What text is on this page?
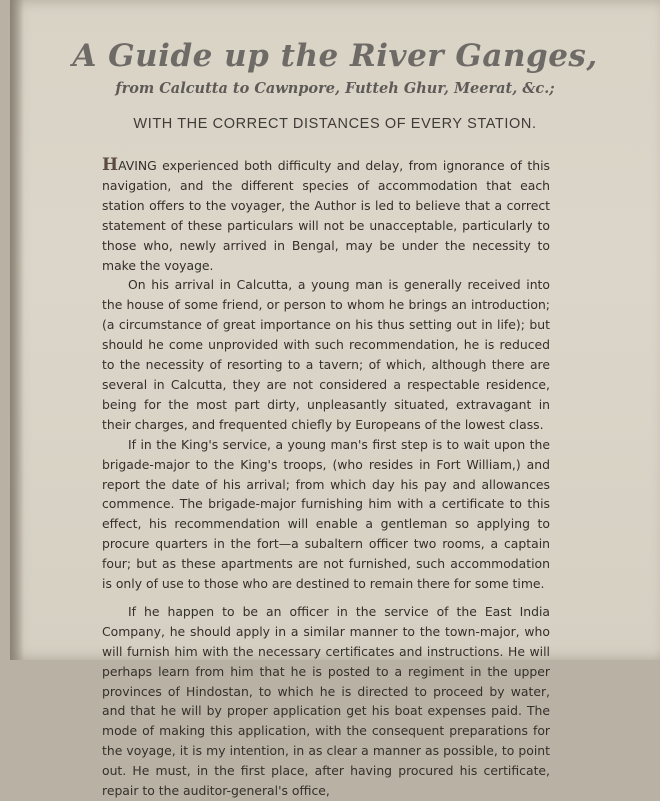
A Guide up the River Ganges,
from Calcutta to Cawnpore, Futteh Ghur, Meerat, &c.;
WITH THE CORRECT DISTANCES OF EVERY STATION.

HAVING experienced both difficulty and delay, from ignorance of this navigation, and the different species of accommodation that each station offers to the voyager, the Author is led to believe that a correct statement of these particulars will not be unacceptable, particularly to those who, newly arrived in Bengal, may be under the necessity to make the voyage.

On his arrival in Calcutta, a young man is generally received into the house of some friend, or person to whom he brings an introduction; (a circumstance of great importance on his thus setting out in life); but should he come unprovided with such recommendation, he is reduced to the necessity of resorting to a tavern; of which, although there are several in Calcutta, they are not considered a respectable residence, being for the most part dirty, unpleasantly situated, extravagant in their charges, and frequented chiefly by Europeans of the lowest class.

If in the King's service, a young man's first step is to wait upon the brigade-major to the King's troops, (who resides in Fort William,) and report the date of his arrival; from which day his pay and allowances commence. The brigade-major furnishing him with a certificate to this effect, his recommendation will enable a gentleman so applying to procure quarters in the fort—a subaltern officer two rooms, a captain four; but as these apartments are not furnished, such accommodation is only of use to those who are destined to remain there for some time.

If he happen to be an officer in the service of the East India Company, he should apply in a similar manner to the town-major, who will furnish him with the necessary certificates and instructions. He will perhaps learn from him that he is posted to a regiment in the upper provinces of Hindostan, to which he is directed to proceed by water, and that he will by proper application get his boat expenses paid. The mode of making this application, with the consequent preparations for the voyage, it is my intention, in as clear a manner as possible, to point out. He must, in the first place, after having procured his certificate, repair to the auditor-general's office,
